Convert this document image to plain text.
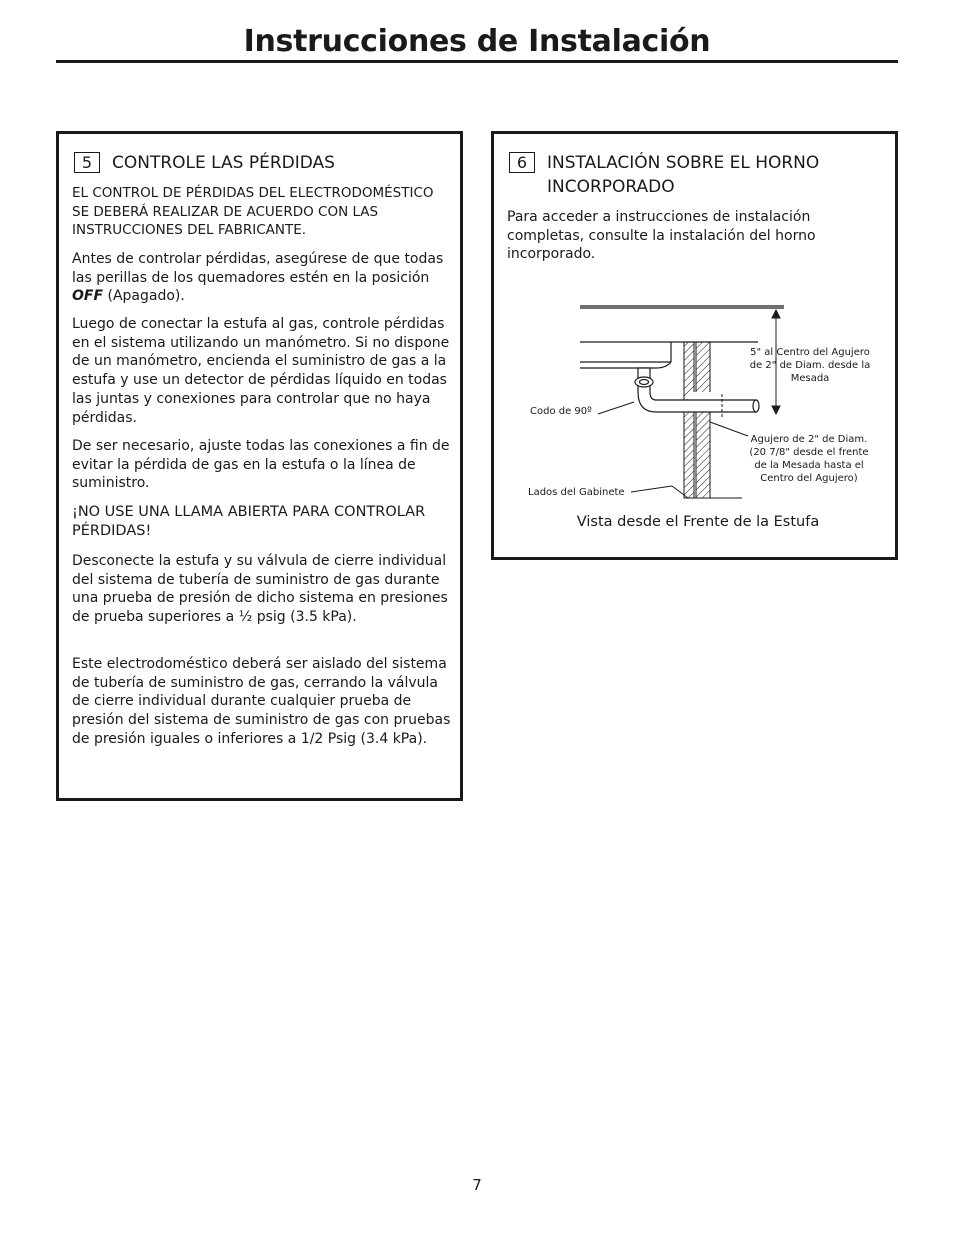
Instrucciones de Instalación
5	CONTROLE LAS PÉRDIDAS

EL CONTROL DE PÉRDIDAS DEL ELECTRODOMÉSTICO SE DEBERÁ REALIZAR DE ACUERDO CON LAS INSTRUCCIONES DEL FABRICANTE.

Antes de controlar pérdidas, asegúrese de que todas las perillas de los quemadores estén en la posición OFF (Apagado).

Luego de conectar la estufa al gas, controle pérdidas en el sistema utilizando un manómetro. Si no dispone de un manómetro, encienda el suministro de gas a la estufa y use un detector de pérdidas líquido en todas las juntas y conexiones para controlar que no haya pérdidas.

De ser necesario, ajuste todas las conexiones a fin de evitar la pérdida de gas en la estufa o la línea de suministro.

¡NO USE UNA LLAMA ABIERTA PARA CONTROLAR PÉRDIDAS!

Desconecte la estufa y su válvula de cierre individual del sistema de tubería de suministro de gas durante una prueba de presión de dicho sistema en presiones de prueba superiores a ½ psig (3.5 kPa).

Este electrodoméstico deberá ser aislado del sistema de tubería de suministro de gas, cerrando la válvula de cierre individual durante cualquier prueba de presión del sistema de suministro de gas con pruebas de presión iguales o inferiores a 1/2 Psig (3.4 kPa).

6	INSTALACIÓN SOBRE EL HORNO INCORPORADO

Para acceder a instrucciones de instalación completas, consulte la instalación del horno incorporado.

5" al Centro del Agujero
de 2" de Diam. desde la
Mesada
Codo de 90º
Agujero de 2" de Diam.
(20 7/8" desde el frente
de la Mesada hasta el
Centro del Agujero)
Lados del Gabinete
Vista desde el Frente de la Estufa
7
